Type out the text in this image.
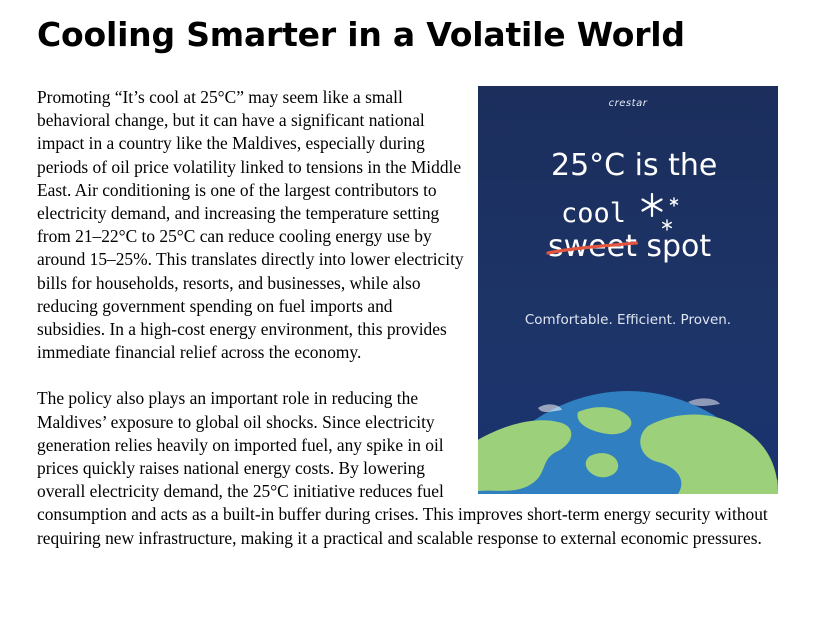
Cooling Smarter in a Volatile World
crestar
25°C is the
cool
sweet
spot
Comfortable. Efficient. Proven.

Promoting “It’s cool at 25°C” may seem like a small behavioral change, but it can have a significant national impact in a country like the Maldives, especially during periods of oil price volatility linked to tensions in the Middle East. Air conditioning is one of the largest contributors to electricity demand, and increasing the temperature setting from 21–22°C to 25°C can reduce cooling energy use by around 15–25%. This translates directly into lower electricity bills for households, resorts, and businesses, while also reducing government spending on fuel imports and subsidies. In a high-cost energy environment, this provides immediate financial relief across the economy.

The policy also plays an important role in reducing the Maldives’ exposure to global oil shocks. Since electricity generation relies heavily on imported fuel, any spike in oil prices quickly raises national energy costs. By lowering overall electricity demand, the 25°C initiative reduces fuel consumption and acts as a built-in buffer during crises. This improves short-term energy security without requiring new infrastructure, making it a practical and scalable response to external economic pressures.
